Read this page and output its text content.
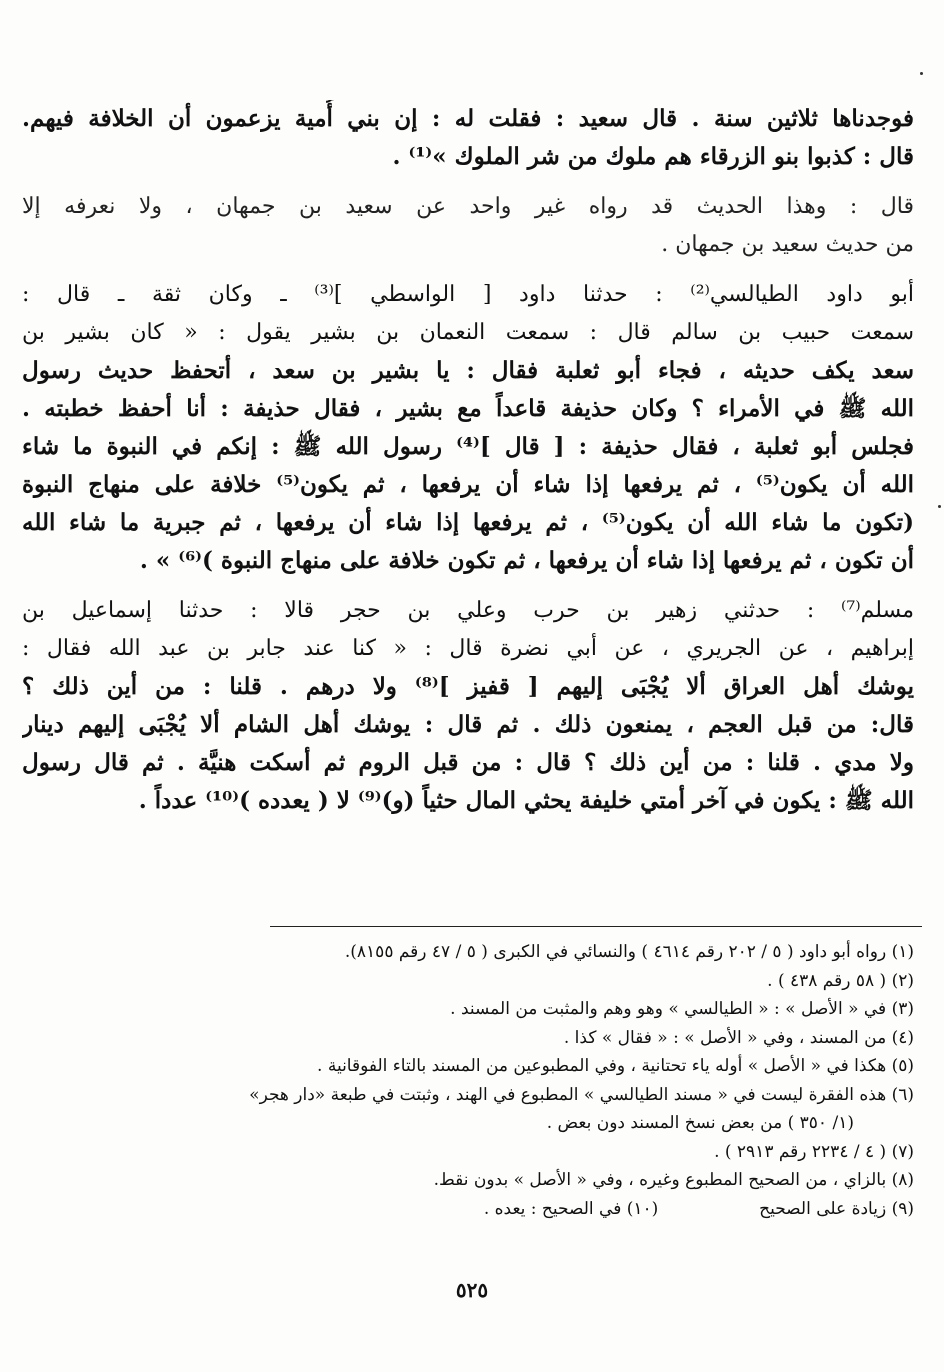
فوجدناها ثلاثين سنة . قال سعيد : فقلت له : إن بني أُمية يزعمون أن الخلافة فيهم.
قال : كذبوا بنو الزرقاء هم ملوك من شر الملوك »⁽¹⁾ .
قال : وهذا الحديث قد رواه غير واحد عن سعيد بن جمهان ، ولا نعرفه إلا
من حديث سعيد بن جمهان .
أبو داود الطيالسي⁽²⁾ : حدثنا داود [ الواسطي ]⁽³⁾ ـ وكان ثقة ـ قال :
سمعت حبيب بن سالم قال : سمعت النعمان بن بشير يقول : « كان بشير بن
سعد يكف حديثه ، فجاء أبو ثعلبة فقال : يا بشير بن سعد ، أتحفظ حديث رسول
الله ﷺ في الأمراء ؟ وكان حذيفة قاعداً مع بشير ، فقال حذيفة : أنا أحفظ خطبته .
فجلس أبو ثعلبة ، فقال حذيفة : [ قال ]⁽⁴⁾ رسول الله ﷺ : إنكم في النبوة ما شاء
الله أن يكون⁽⁵⁾ ، ثم يرفعها إذا شاء أن يرفعها ، ثم يكون⁽⁵⁾ خلافة على منهاج النبوة
(تكون ما شاء الله أن يكون⁽⁵⁾ ، ثم يرفعها إذا شاء أن يرفعها ، ثم جبرية ما شاء الله
أن تكون ، ثم يرفعها إذا شاء أن يرفعها ، ثم تكون خلافة على منهاج النبوة )⁽⁶⁾ » .
مسلم⁽⁷⁾ : حدثني زهير بن حرب وعلي بن حجر قالا : حدثنا إسماعيل بن
إبراهيم ، عن الجريري ، عن أبي نضرة قال : « كنا عند جابر بن عبد الله فقال :
يوشك أهل العراق ألا يُجْبَى إليهم [ قفيز ]⁽⁸⁾ ولا درهم . قلنا : من أين ذلك ؟
قال: من قبل العجم ، يمنعون ذلك . ثم قال : يوشك أهل الشام ألا يُجْبَى إليهم دينار
ولا مدي . قلنا : من أين ذلك ؟ قال : من قبل الروم ثم أسكت هنيَّة . ثم قال رسول
الله ﷺ : يكون في آخر أمتي خليفة يحثي المال حثياً (و)⁽⁹⁾ لا ( يعدده )⁽¹⁰⁾ عدداً .
(١) رواه أبو داود ( ٥ / ٢٠٢ رقم ٤٦١٤ ) والنسائي في الكبرى ( ٥ / ٤٧ رقم ٨١٥٥).
(٢) ( ٥٨ رقم ٤٣٨ ) .
(٣) في « الأصل » : « الطيالسي » وهو وهم والمثبت من المسند .
(٤) من المسند ، وفي « الأصل » : « فقال » كذا .
(٥) هكذا في « الأصل » أوله ياء تحتانية ، وفي المطبوعين من المسند بالتاء الفوقانية .
(٦) هذه الفقرة ليست في « مسند الطيالسي » المطبوع في الهند ، وثبتت في طبعة «دار هجر»
(١/ ٣٥٠ ) من بعض نسخ المسند دون بعض .
(٧) ( ٤ / ٢٢٣٤ رقم ٢٩١٣ ) .
(٨) بالزاي ، من الصحيح المطبوع وغيره ، وفي « الأصل » بدون نقط.
(٩) زيادة على الصحيح  (١٠) في الصحيح : يعده .
٥٢٥
